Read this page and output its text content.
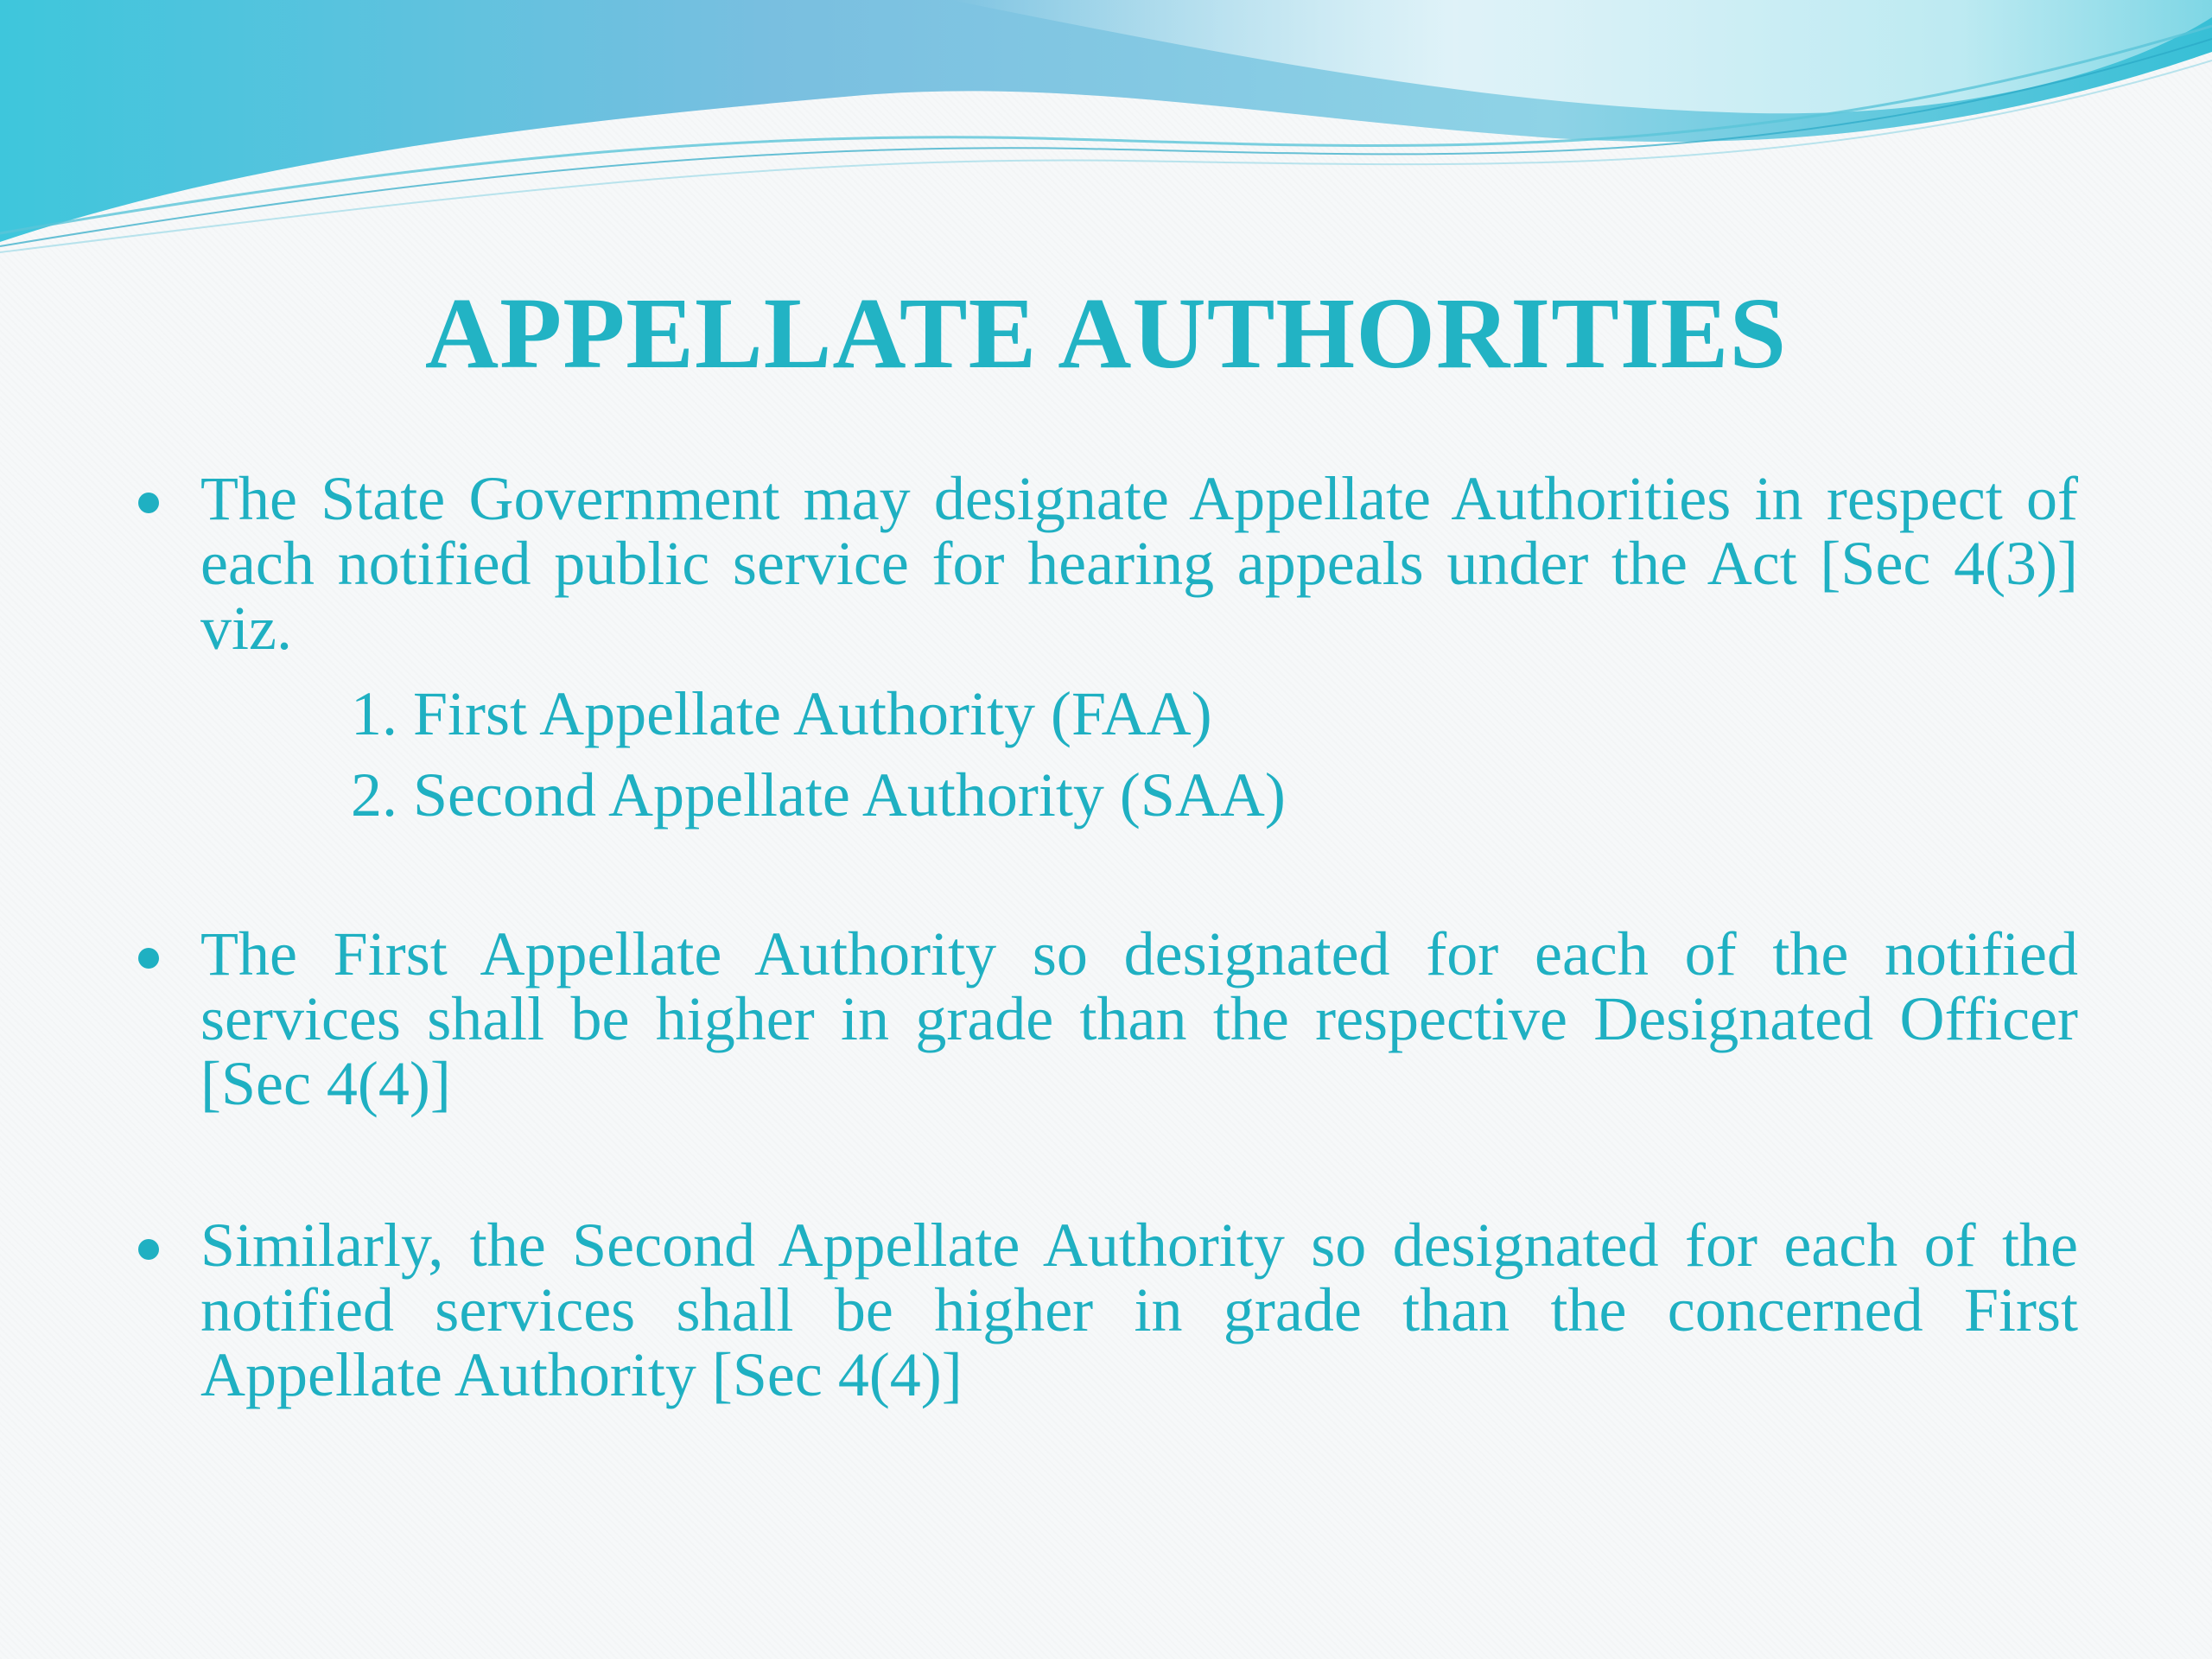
APPELLATE AUTHORITIES
The State Government may designate Appellate Authorities in respect of each notified public service for hearing appeals under the Act [Sec 4(3)] viz.
1. First Appellate Authority (FAA)
2. Second Appellate Authority (SAA)
The First Appellate Authority so designated for each of the notified services shall be higher in grade than the respective Designated Officer [Sec 4(4)]
Similarly, the Second Appellate Authority so designated for each of the notified services shall be higher in grade than the concerned First Appellate Authority [Sec 4(4)]
